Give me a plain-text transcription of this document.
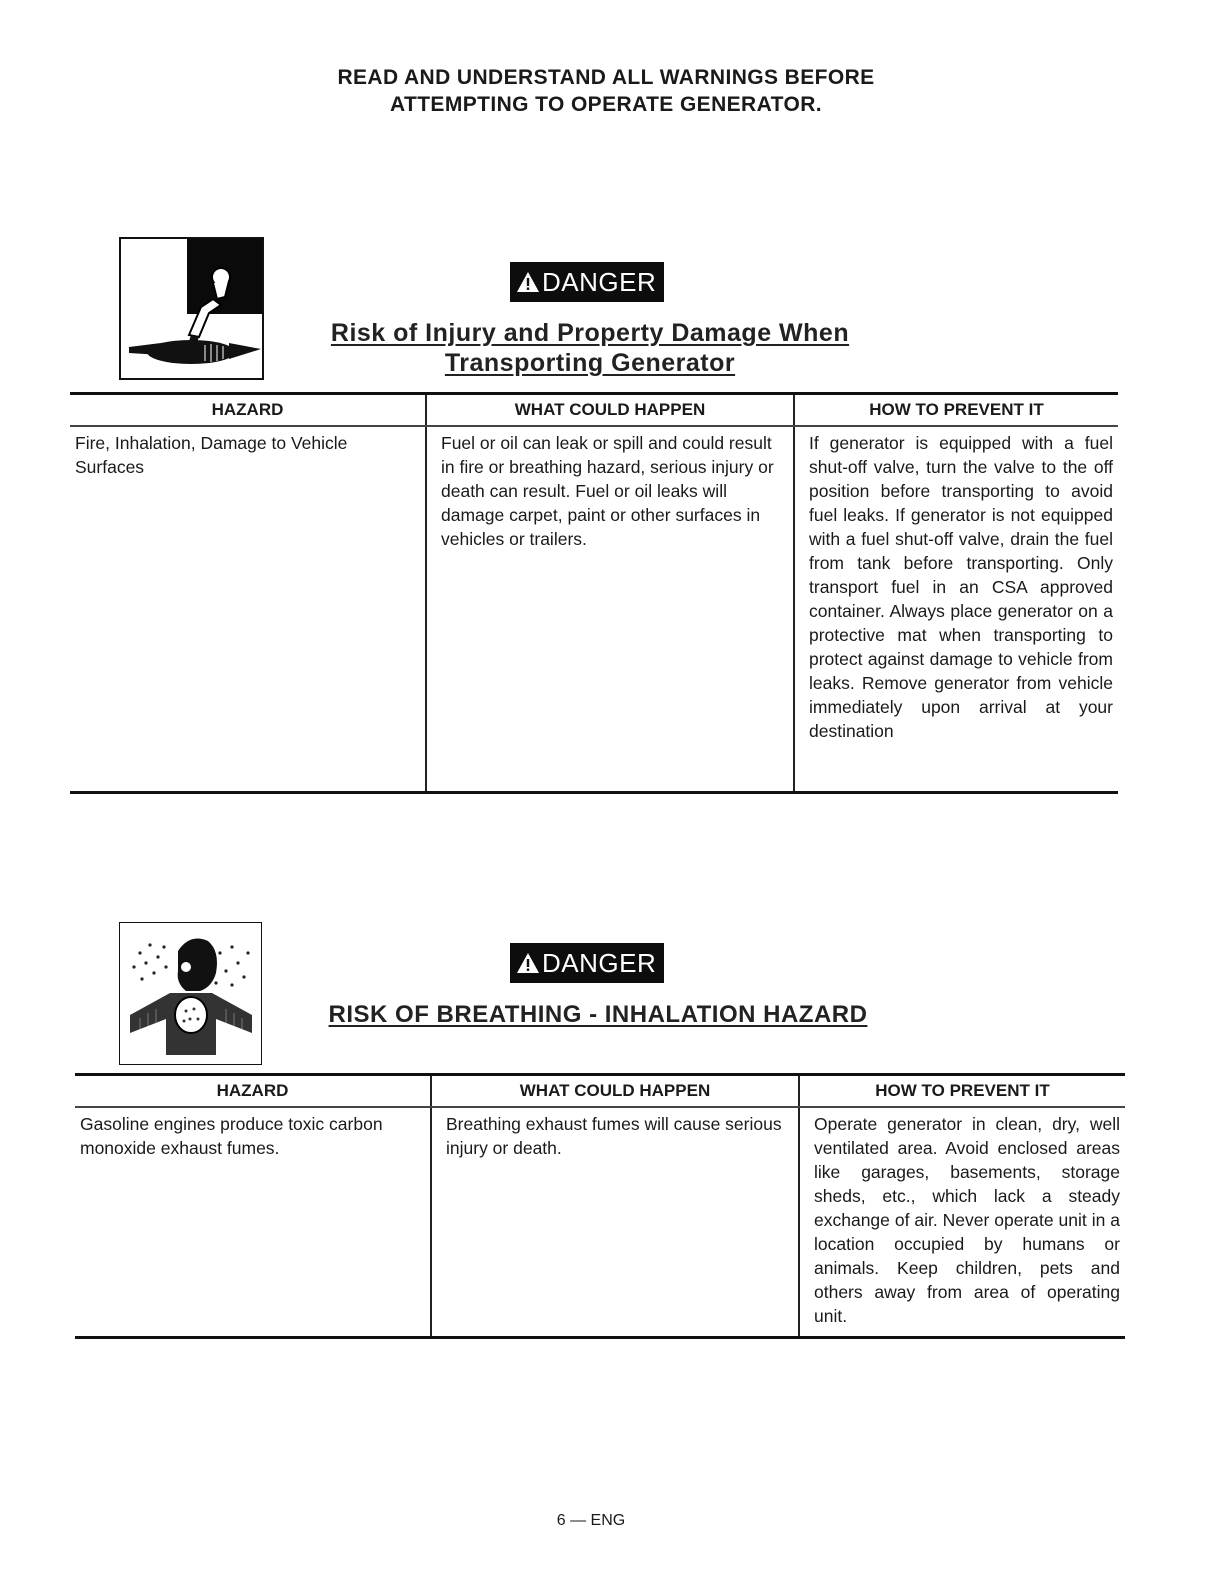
READ AND UNDERSTAND ALL WARNINGS BEFORE
ATTEMPTING TO OPERATE GENERATOR.
DANGER
Risk of Injury and Property Damage When
Transporting Generator
HAZARD	WHAT COULD HAPPEN	HOW TO PREVENT IT
Fire, Inhalation, Damage to Vehicle Surfaces	Fuel or oil can leak or spill and could result in fire or breathing hazard, serious injury or death can result. Fuel or oil leaks will damage carpet, paint or other surfaces in vehicles or trailers.	If generator is equipped with a fuel shut-off valve, turn the valve to the off position before transporting to avoid fuel leaks. If generator is not equipped with a fuel shut-off valve, drain the fuel from tank before transporting. Only transport fuel in an CSA approved container. Always place generator on a protective mat when transporting to protect against damage to vehicle from leaks. Remove generator from vehicle immediately upon arrival at your destination
DANGER
RISK OF BREATHING - INHALATION HAZARD
HAZARD	WHAT COULD HAPPEN	HOW TO PREVENT IT
Gasoline engines produce toxic carbon monoxide exhaust fumes.	Breathing exhaust fumes will cause serious injury or death.	Operate generator in clean, dry, well ventilated area. Avoid enclosed areas like garages, basements, storage sheds, etc., which lack a steady exchange of air. Never operate unit in a location occupied by humans or animals. Keep children, pets and others away from area of operating unit.
6 — ENG
